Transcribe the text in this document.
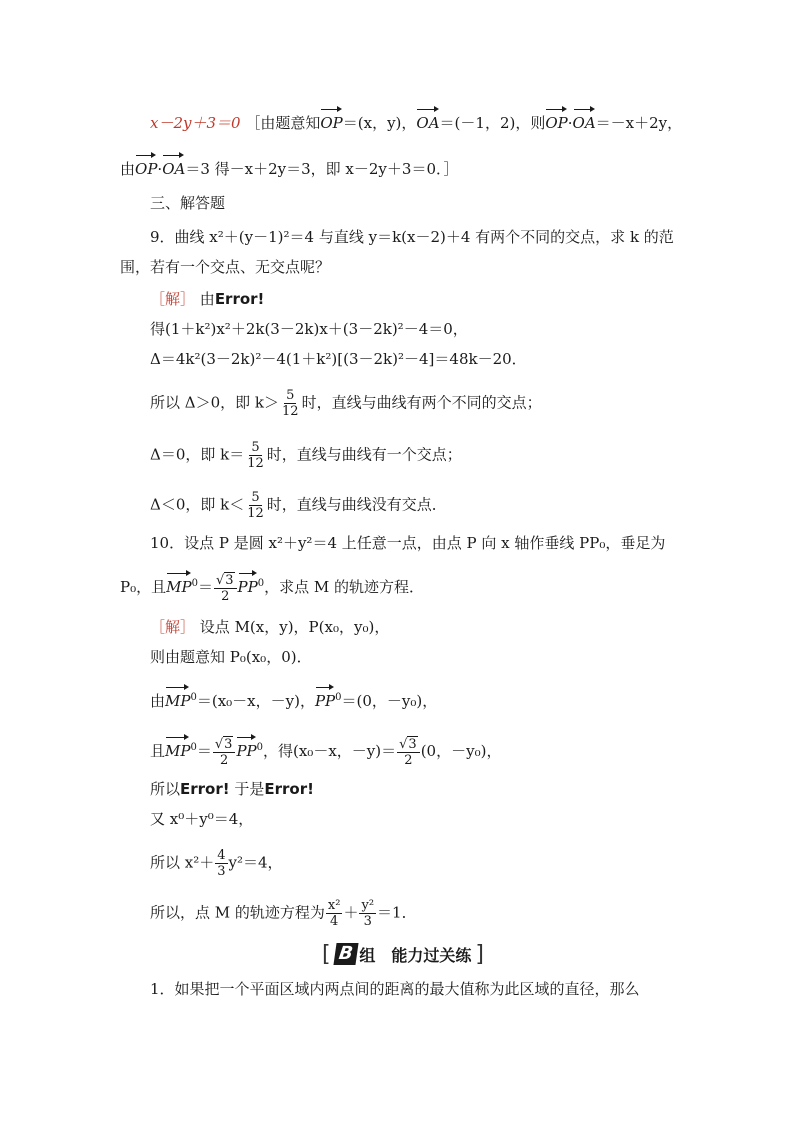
x－2y＋3＝0 ［由题意知OP＝(x，y)，OA＝(－1，2)，则OP·OA＝－x＋2y，
由OP·OA＝3 得－x＋2y＝3，即 x－2y＋3＝0．］
三、解答题
9．曲线 x²＋(y－1)²＝4 与直线 y＝k(x－2)＋4 有两个不同的交点，求 k 的范
围，若有一个交点、无交点呢？
［解］ 由Error!
得(1＋k²)x²＋2k(3－2k)x＋(3－2k)²－4＝0，
Δ＝4k²(3－2k)²－4(1＋k²)[(3－2k)²－4]＝48k－20．
所以 Δ＞0，即 $k> \frac{5}{12}$ 时，直线与曲线有两个不同的交点；
Δ＝0，即 $k= \frac{5}{12}$ 时，直线与曲线有一个交点；
Δ＜0，即 $k< \frac{5}{12}$ 时，直线与曲线没有交点．
10．设点 P 是圆 x²＋y²＝4 上任意一点，由点 P 向 x 轴作垂线 PP₀，垂足为
P₀，且$MP^0= \frac{√3}{2} PP^0$，求点 M 的轨迹方程．
［解］ 设点 M(x，y)，P(x₀，y₀)，
则由题意知 P₀(x₀，0)．
由$MP^0=(x_0-x$，－y)，$PP^0=(0$，－y₀)，
且$MP^0= \frac{√3}{2} PP^0$，得(x₀－x，$-y)= \frac{√3}{2} (0$，－y₀)，
所以Error! 于是Error!
又 x⁰＋y⁰＝4，
所以 $x^2+ \frac{4}{3} y^2=4$，
所以，点 M 的轨迹方程为 $\frac{\text{x²}}{4} + \frac{\text{y²}}{3} =1$．
[ B 组　能力过关练 ]
1．如果把一个平面区域内两点间的距离的最大值称为此区域的直径，那么
